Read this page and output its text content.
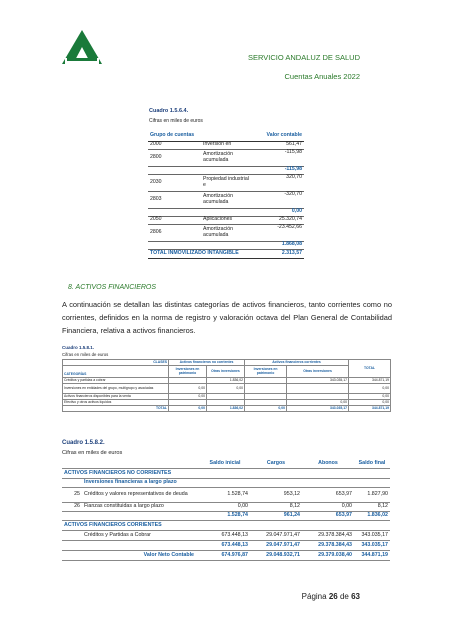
SERVICIO ANDALUZ DE SALUD
Cuentas Anuales 2022
Cuadro 1.5.6.4.
Cifras en miles de euros
Grupo de cuentas		Valor contable
2000	Inversión en	561,47
2800	Amortización acumulada	-115,98
		-115,98
2030	Propiedad industrial e	320,70
2803	Amortización acumulada	-320,70
		0,00
2050	Aplicaciones	25.320,74
2806	Amortización acumulada	-23.452,66
		1.868,08
TOTAL INMOVILIZADO INTANGIBLE		2.313,57
8. ACTIVOS FINANCIEROS
A continuación se detallan las distintas categorías de activos financieros, tanto corrientes como no corrientes, definidos en la norma de registro y valoración octava del Plan General de Contabilidad Financiera, relativa a activos financieros.
Cuadro 1.5.8.1.
Cifras en miles de euros
CLASES	Activos financieros no corrientes		Activos financieros corrientes		TOTAL
CATEGORÍAS	Inversiones en patrimonio	Otras inversiones	Inversiones en patrimonio	Otras inversiones	
Créditos y partidas a cobrar		1.836,02		343.035,17	344.871,19
Inversiones en entidades del grupo, multigrupo y asociadas	0,00	0,00			0,00
Activos financieros disponibles para la venta	0,00				0,00
Efectivo y otros activos líquidos				0,00	0,00
TOTAL	0,00	1.836,02	0,00	343.035,17	344.871,19
Cuadro 1.5.8.2.
Cifras en miles de euros
		Saldo inicial	Cargos	Abonos	Saldo final
ACTIVOS FINANCIEROS NO CORRIENTES					
	Inversiones financieras a largo plazo				
25	Créditos y valores representativos de deuda	1.528,74	953,12	653,97	1.827,90
26	Fianzas constituidas a largo plazo	0,00	8,12	0,00	8,12
		1.528,74	961,24	653,97	1.836,02
ACTIVOS FINANCIEROS CORRIENTES					
	Créditos y Partidas a Cobrar	673.448,13	29.047.971,47	29.378.384,43	343.035,17
		673.448,13	29.047.971,47	29.378.384,43	343.035,17
Valor Neto Contable		674.976,87	29.048.932,71	29.379.038,40	344.871,19
Página 26 de 63
